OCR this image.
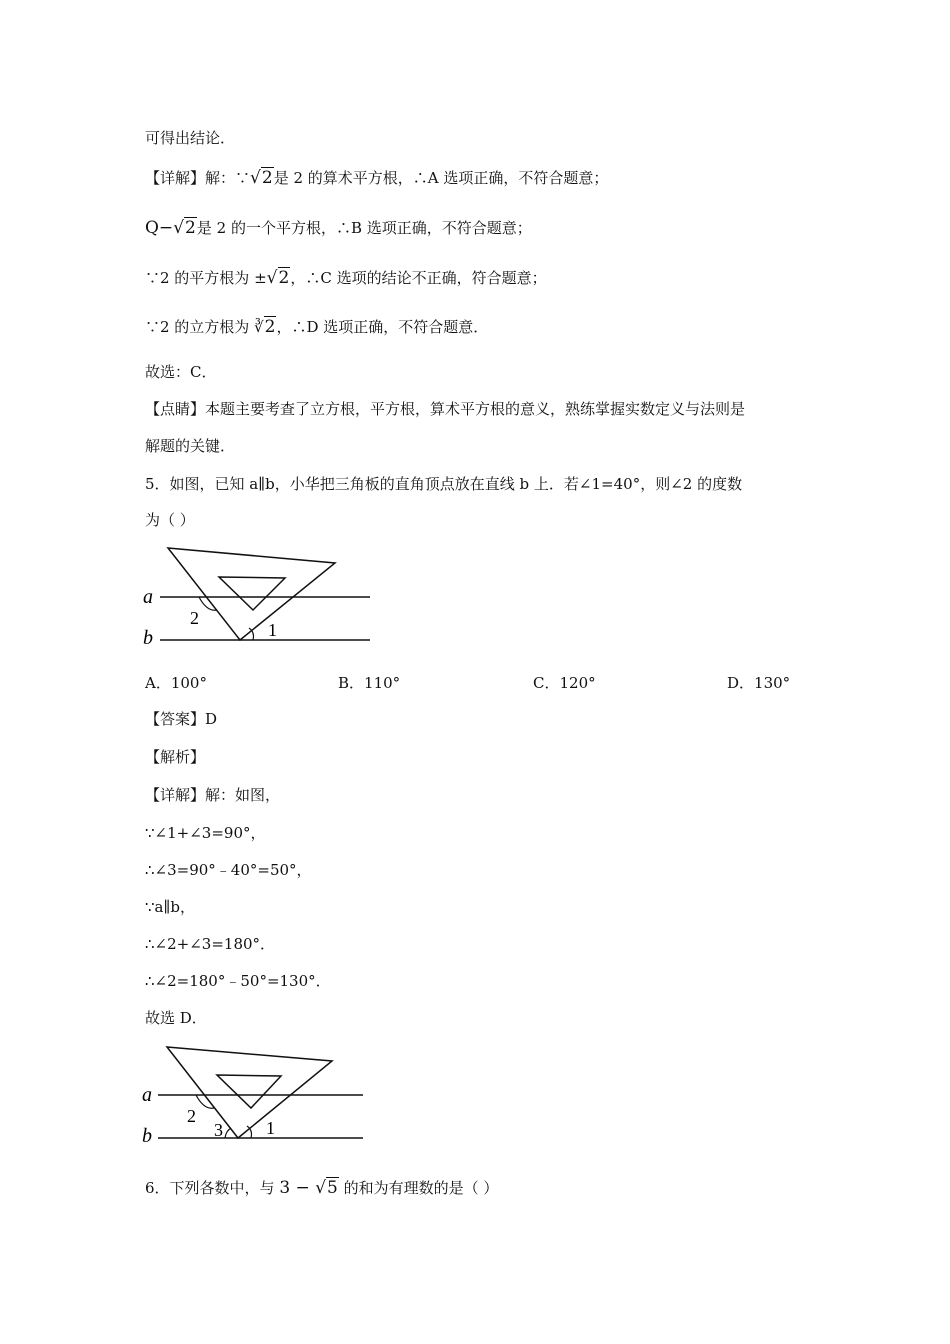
可得出结论．
【详解】解：∵√2是 2 的算术平方根，∴A 选项正确，不符合题意；
Q−√2是 2 的一个平方根，∴B 选项正确，不符合题意；
∵2 的平方根为 ±√2，∴C 选项的结论不正确，符合题意；
∵2 的立方根为 ∛2，∴D 选项正确，不符合题意．
故选：C．
【点睛】本题主要考查了立方根，平方根，算术平方根的意义，熟练掌握实数定义与法则是
解题的关键．
5．如图，已知 a∥b，小华把三角板的直角顶点放在直线 b 上．若∠1=40°，则∠2 的度数
为（ ）
a
b	1
2
A．100°	B．110°	C．120°	D．130°
【答案】D
【解析】
【详解】解：如图，
∵∠1+∠3=90°，
∴∠3=90°﹣40°=50°，
∵a∥b，
∴∠2+∠3=180°．
∴∠2=180°﹣50°=130°．
故选 D．
a
b	1
2
3
6．下列各数中，与 3 − √5 的和为有理数的是（ ）
